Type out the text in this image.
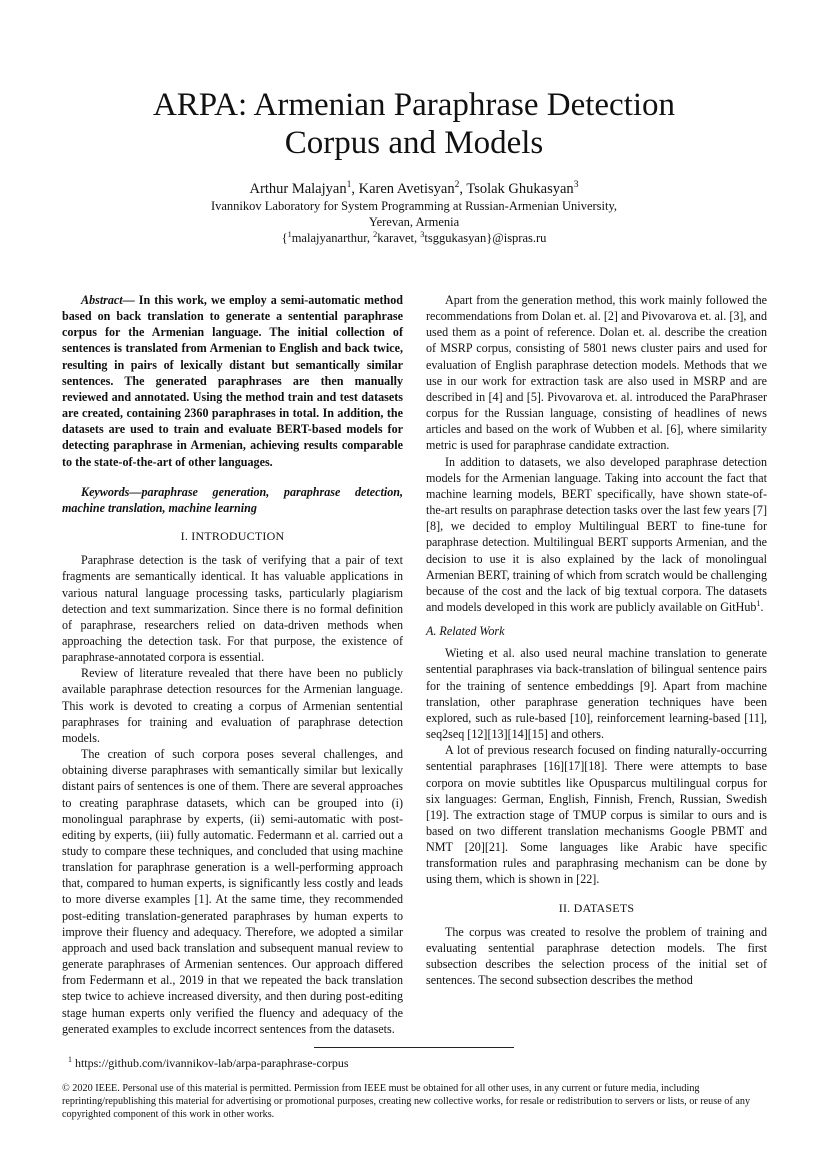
ARPA: Armenian Paraphrase Detection
Corpus and Models
Arthur Malajyan$^1$, Karen Avetisyan$^2$, Tsolak Ghukasyan$^3$
Ivannikov Laboratory for System Programming at Russian-Armenian University,
Yerevan, Armenia
{$^1$malajyanarthur, $^2$karavet, $^3$tsggukasyan}@ispras.ru

Abstract— In this work, we employ a semi-automatic method based on back translation to generate a sentential paraphrase corpus for the Armenian language. The initial collection of sentences is translated from Armenian to English and back twice, resulting in pairs of lexically distant but semantically similar sentences. The generated paraphrases are then manually reviewed and annotated. Using the method train and test datasets are created, containing 2360 paraphrases in total. In addition, the datasets are used to train and evaluate BERT-based models for detecting paraphrase in Armenian, achieving results comparable to the state-of-the-art of other languages.

Keywords—paraphrase generation, paraphrase detection, machine translation, machine learning

I. INTRODUCTION

Paraphrase detection is the task of verifying that a pair of text fragments are semantically identical. It has valuable applications in various natural language processing tasks, particularly plagiarism detection and text summarization. Since there is no formal definition of paraphrase, researchers relied on data-driven methods when approaching the detection task. For that purpose, the existence of paraphrase-annotated corpora is essential.

Review of literature revealed that there have been no publicly available paraphrase detection resources for the Armenian language. This work is devoted to creating a corpus of Armenian sentential paraphrases for training and evaluation of paraphrase detection models.

The creation of such corpora poses several challenges, and obtaining diverse paraphrases with semantically similar but lexically distant pairs of sentences is one of them. There are several approaches to creating paraphrase datasets, which can be grouped into (i) monolingual paraphrase by experts, (ii) semi-automatic with post-editing by experts, (iii) fully automatic. Federmann et al. carried out a study to compare these techniques, and concluded that using machine translation for paraphrase generation is a well-performing approach that, compared to human experts, is significantly less costly and leads to more diverse examples [1]. At the same time, they recommended post-editing translation-generated paraphrases by human experts to improve their fluency and adequacy. Therefore, we adopted a similar approach and used back translation and subsequent manual review to generate paraphrases of Armenian sentences. Our approach differed from Federmann et al., 2019 in that we repeated the back translation step twice to achieve increased diversity, and then during post-editing stage human experts only verified the fluency and adequacy of the generated examples to exclude incorrect sentences from the datasets.

Apart from the generation method, this work mainly followed the recommendations from Dolan et. al. [2] and Pivovarova et. al. [3], and used them as a point of reference. Dolan et. al. describe the creation of MSRP corpus, consisting of 5801 news cluster pairs and used for evaluation of English paraphrase detection models. Methods that we use in our work for extraction task are also used in MSRP and are described in [4] and [5]. Pivovarova et. al. introduced the ParaPhraser corpus for the Russian language, consisting of headlines of news articles and based on the work of Wubben et al. [6], where similarity metric is used for paraphrase candidate extraction.

In addition to datasets, we also developed paraphrase detection models for the Armenian language. Taking into account the fact that machine learning models, BERT specifically, have shown state-of-the-art results on paraphrase detection tasks over the last few years [7][8], we decided to employ Multilingual BERT to fine-tune for paraphrase detection. Multilingual BERT supports Armenian, and the decision to use it is also explained by the lack of monolingual Armenian BERT, training of which from scratch would be challenging because of the cost and the lack of big textual corpora. The datasets and models developed in this work are publicly available on GitHub$^1$.

A. Related Work

Wieting et al. also used neural machine translation to generate sentential paraphrases via back-translation of bilingual sentence pairs for the training of sentence embeddings [9]. Apart from machine translation, other paraphrase generation techniques have been explored, such as rule-based [10], reinforcement learning-based [11], seq2seq [12][13][14][15] and others.

A lot of previous research focused on finding naturally-occurring sentential paraphrases [16][17][18]. There were attempts to base corpora on movie subtitles like Opusparcus multilingual corpus for six languages: German, English, Finnish, French, Russian, Swedish [19]. The extraction stage of TMUP corpus is similar to ours and is based on two different translation mechanisms Google PBMT and NMT [20][21]. Some languages like Arabic have specific transformation rules and paraphrasing mechanism can be done by using them, which is shown in [22].

II. DATASETS

The corpus was created to resolve the problem of training and evaluating sentential paraphrase detection models. The first subsection describes the selection process of the initial set of sentences. The second subsection describes the method

$^1$ https://github.com/ivannikov-lab/arpa-paraphrase-corpus
© 2020 IEEE. Personal use of this material is permitted. Permission from IEEE must be obtained for all other uses, in any current or future media, including reprinting/republishing this material for advertising or promotional purposes, creating new collective works, for resale or redistribution to servers or lists, or reuse of any copyrighted component of this work in other works.
